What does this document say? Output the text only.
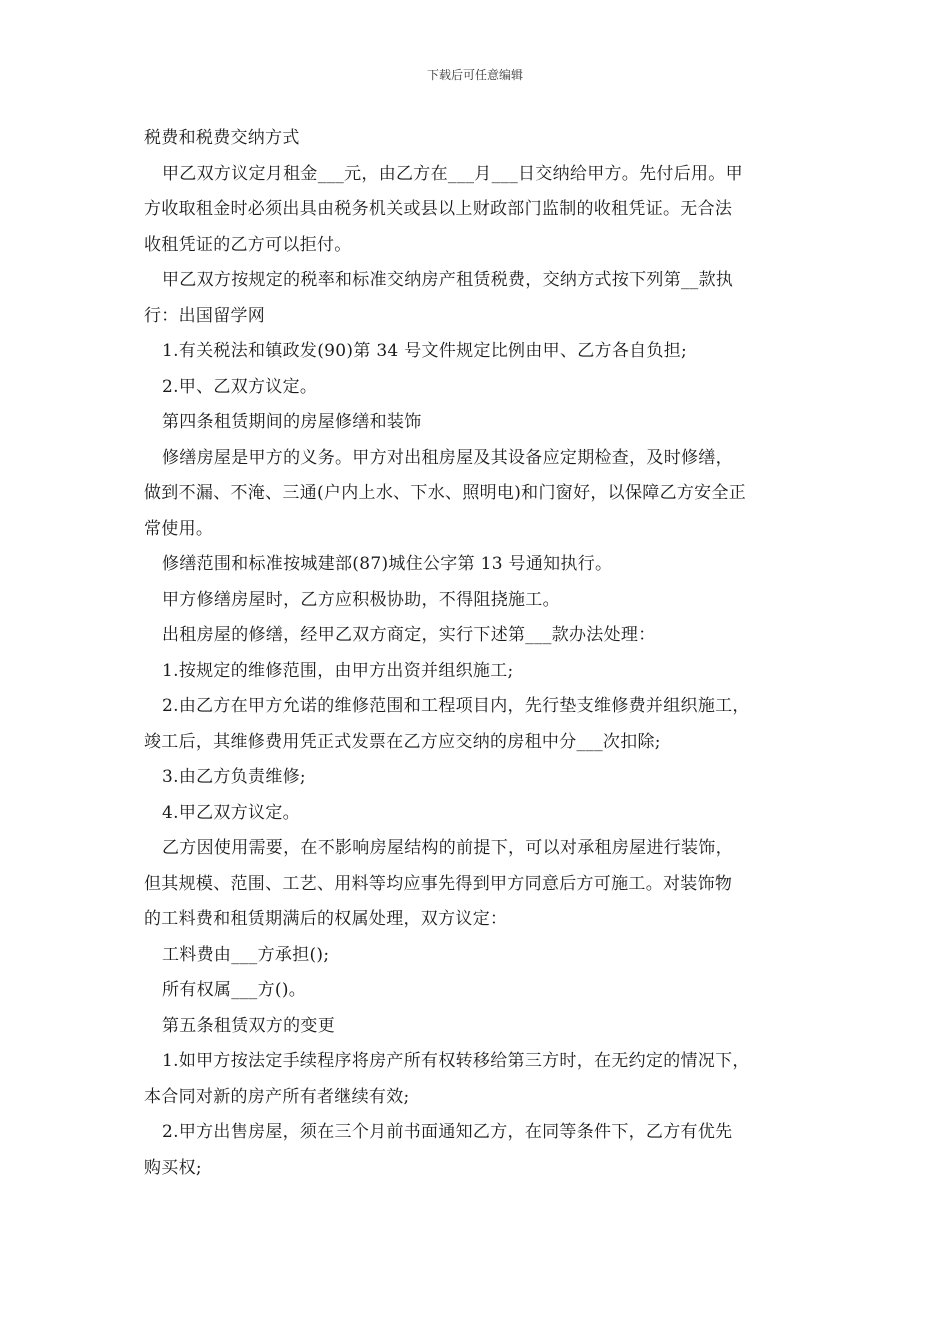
下载后可任意编辑
税费和税费交纳方式
甲乙双方议定月租金___元，由乙方在___月___日交纳给甲方。先付后用。甲
方收取租金时必须出具由税务机关或县以上财政部门监制的收租凭证。无合法
收租凭证的乙方可以拒付。
甲乙双方按规定的税率和标准交纳房产租赁税费，交纳方式按下列第__款执
行：出国留学网
1.有关税法和镇政发(90)第 34 号文件规定比例由甲、乙方各自负担;
2.甲、乙双方议定。
第四条租赁期间的房屋修缮和装饰
修缮房屋是甲方的义务。甲方对出租房屋及其设备应定期检查，及时修缮，
做到不漏、不淹、三通(户内上水、下水、照明电)和门窗好，以保障乙方安全正
常使用。
修缮范围和标准按城建部(87)城住公字第 13 号通知执行。
甲方修缮房屋时，乙方应积极协助，不得阻挠施工。
出租房屋的修缮，经甲乙双方商定，实行下述第___款办法处理：
1.按规定的维修范围，由甲方出资并组织施工;
2.由乙方在甲方允诺的维修范围和工程项目内，先行垫支维修费并组织施工，
竣工后，其维修费用凭正式发票在乙方应交纳的房租中分___次扣除;
3.由乙方负责维修;
4.甲乙双方议定。
乙方因使用需要，在不影响房屋结构的前提下，可以对承租房屋进行装饰，
但其规模、范围、工艺、用料等均应事先得到甲方同意后方可施工。对装饰物
的工料费和租赁期满后的权属处理，双方议定：
工料费由___方承担();
所有权属___方()。
第五条租赁双方的变更
1.如甲方按法定手续程序将房产所有权转移给第三方时，在无约定的情况下，
本合同对新的房产所有者继续有效;
2.甲方出售房屋，须在三个月前书面通知乙方，在同等条件下，乙方有优先
购买权;
